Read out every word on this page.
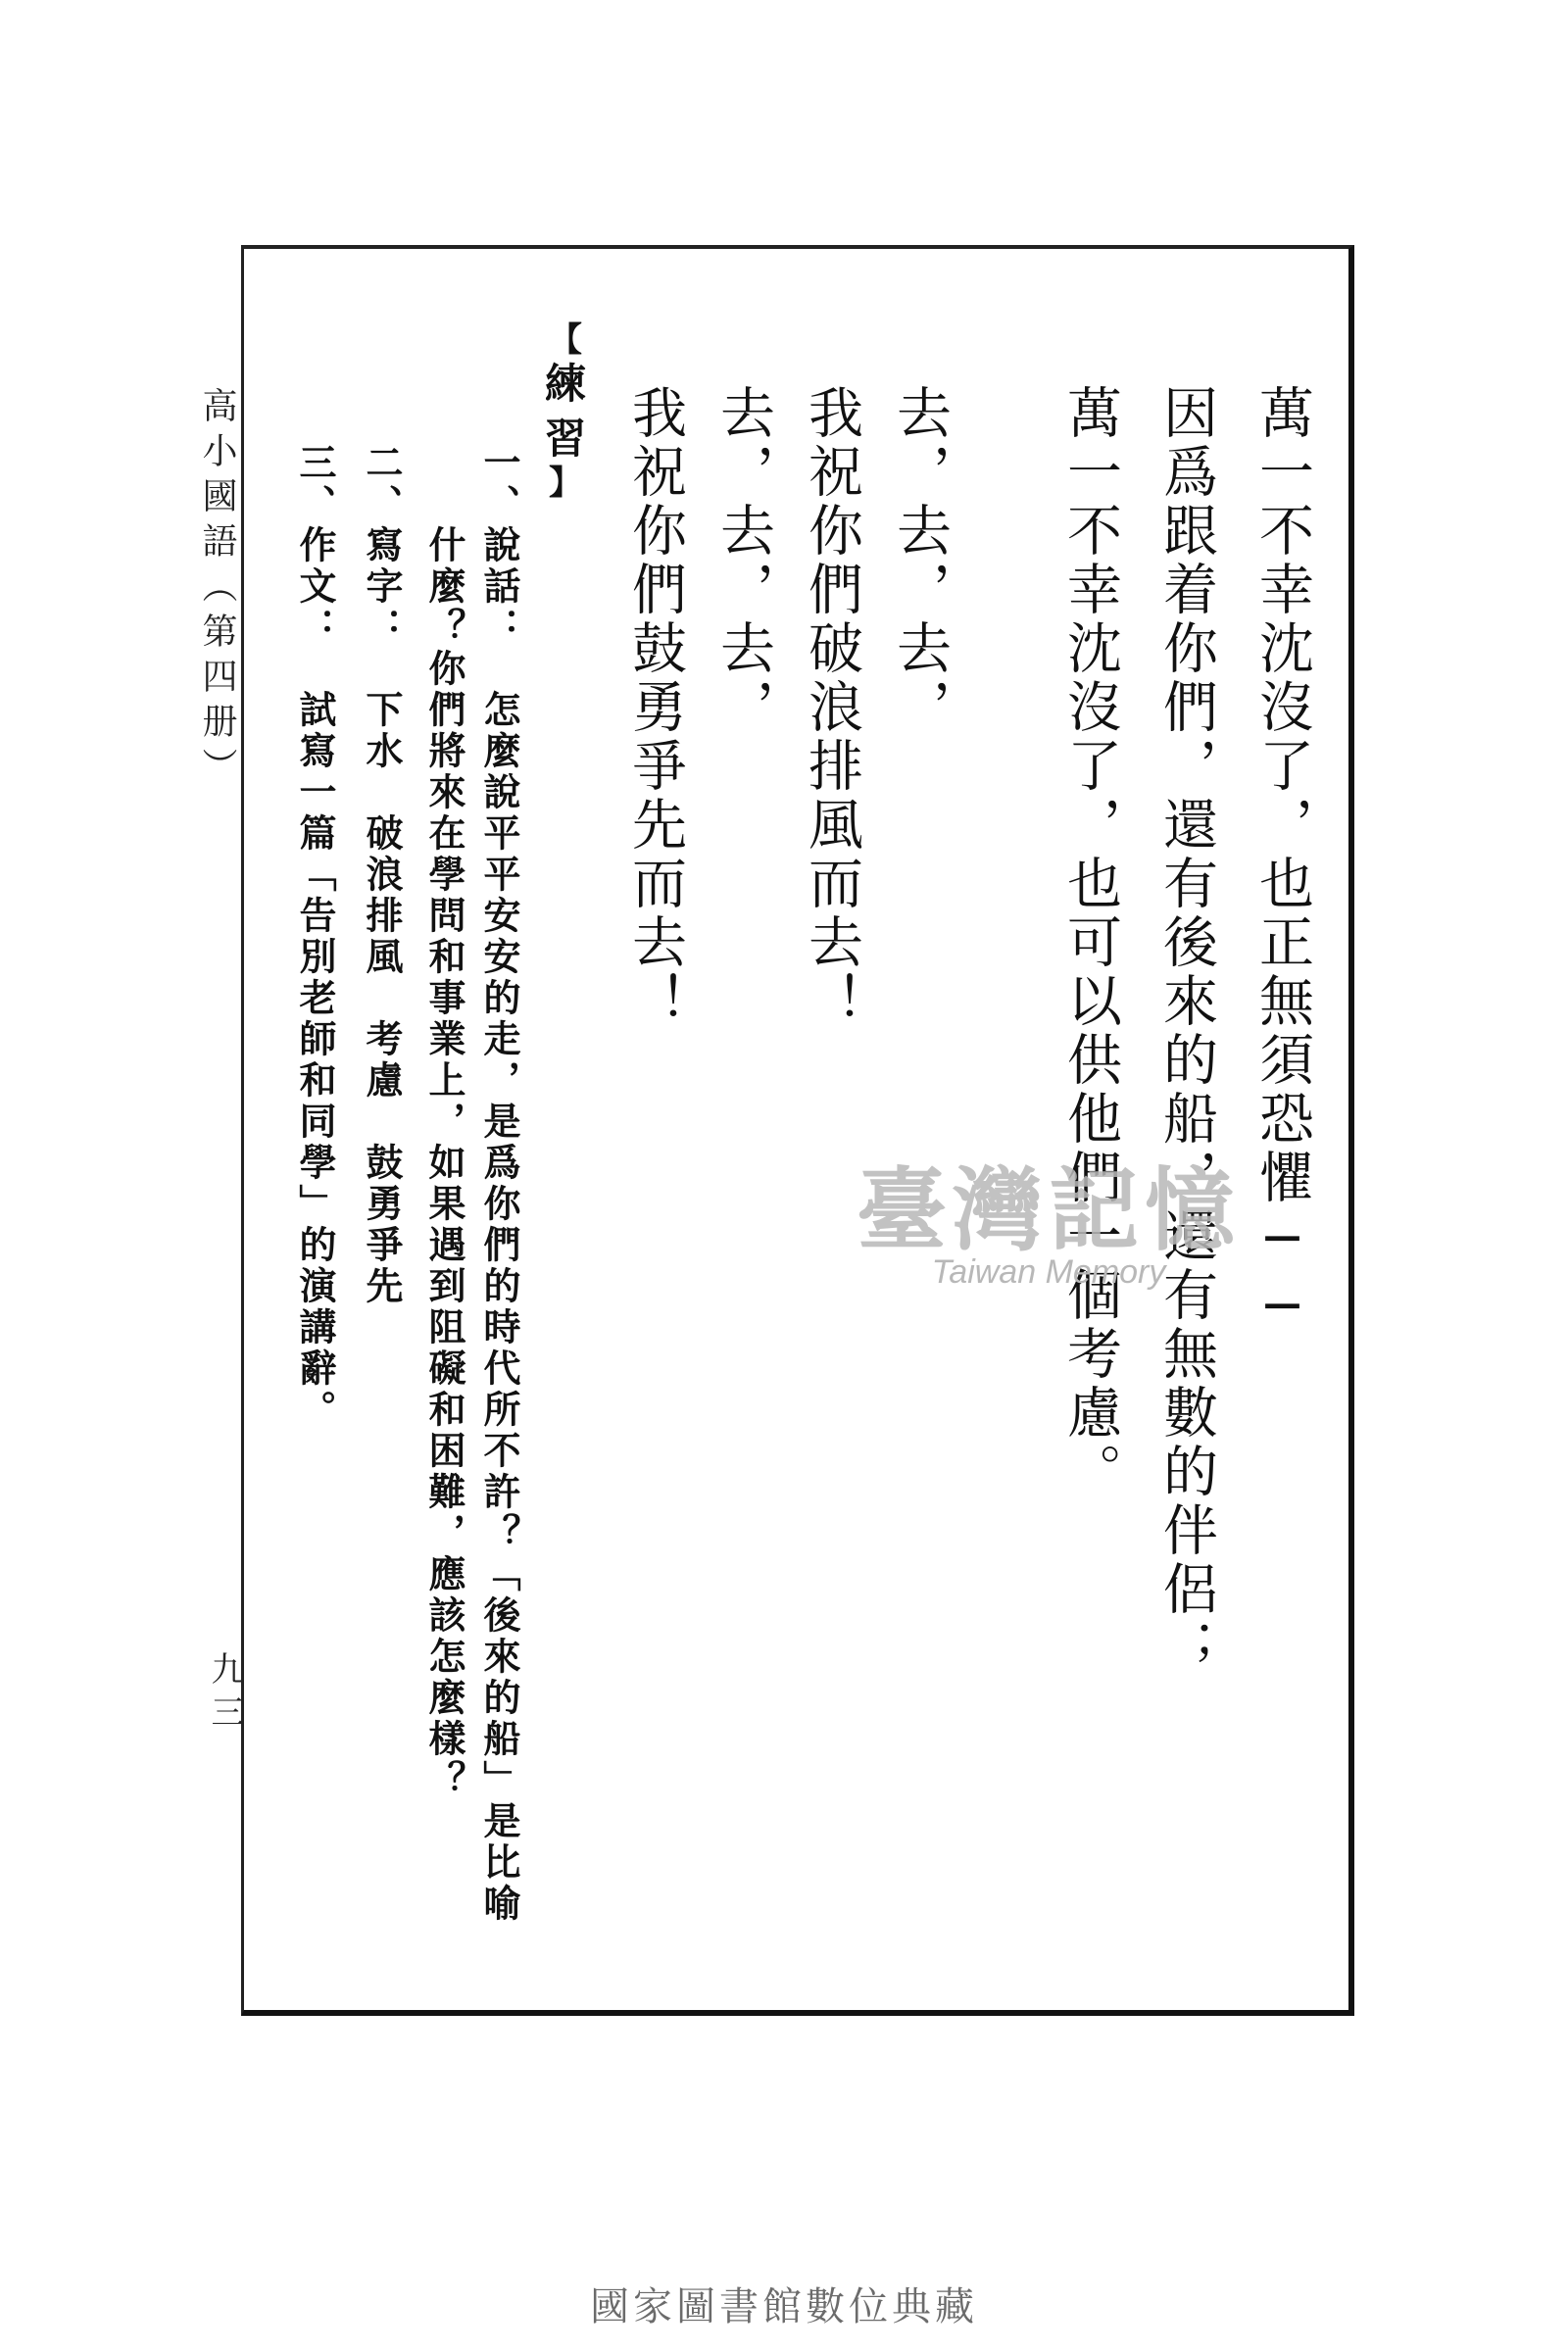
高小國語（第四册）

九三

萬一不幸沈沒了，也正無須恐懼──

因爲跟着你們，還有後來的船，還有無數的伴侶；

萬一不幸沈沒了，也可以供他們一個考慮。

去，去，去，

我祝你們破浪排風而去！

去，去，去，

我祝你們鼓勇爭先而去！

【
練
習
】

一、說話：　怎麼說平平安安的走，是爲你們的時代所不許？「後來的船」是比喻

什麼？你們將來在學問和事業上，如果遇到阻礙和困難，應該怎麼樣？

二、寫字：　下水　破浪排風　考慮　鼓勇爭先

三、作文：　試寫一篇「告別老師和同學」的演講辭。	臺灣記憶
Taiwan Memory
國家圖書館數位典藏
